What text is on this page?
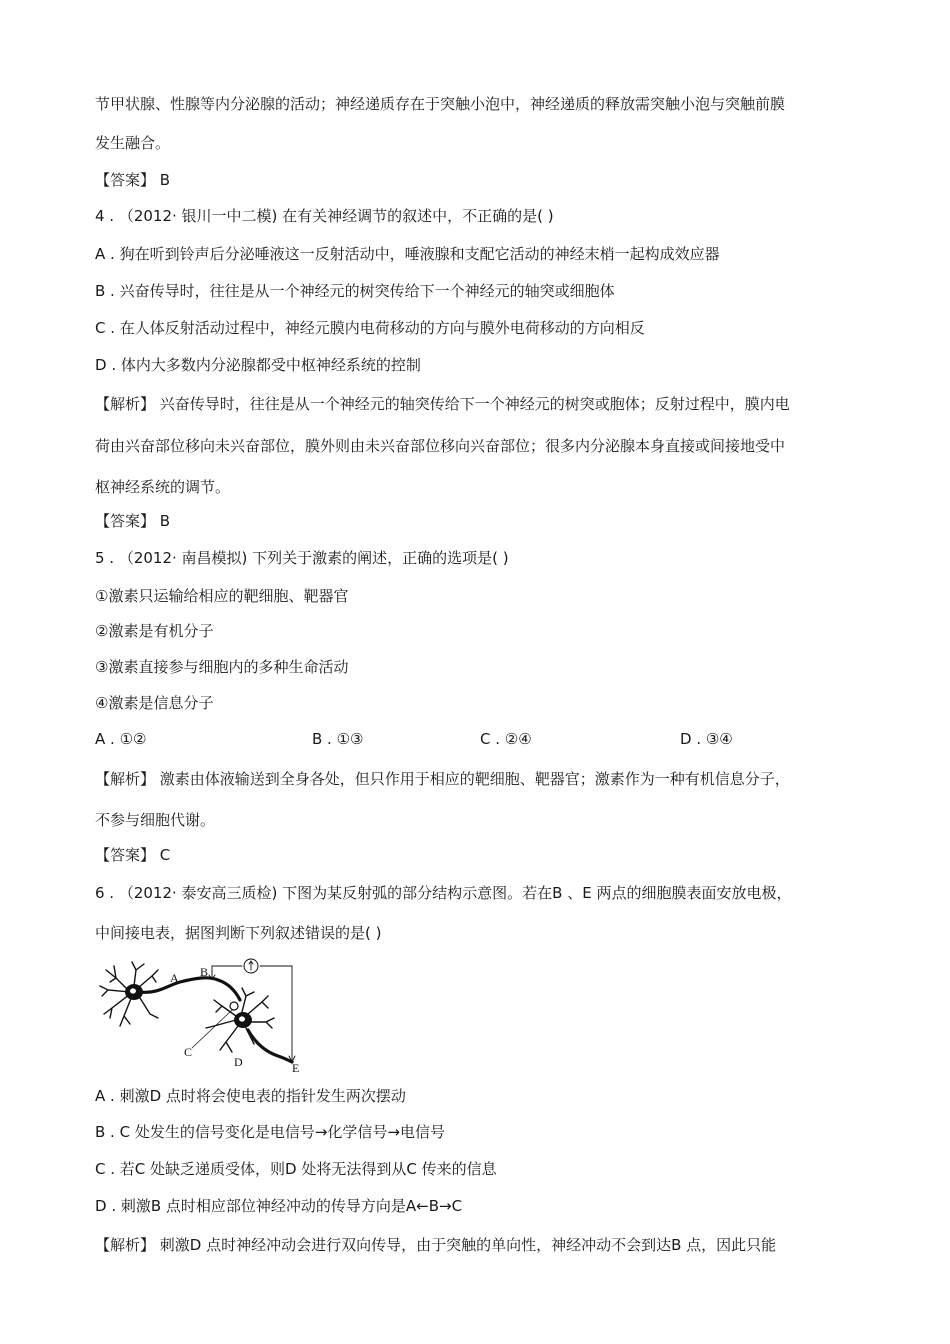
节甲状腺、性腺等内分泌腺的活动；神经递质存在于突触小泡中，神经递质的释放需突触小泡与突触前膜
发生融合。
【答案】 B
4 . （2012· 银川一中二模) 在有关神经调节的叙述中，不正确的是( )
A . 狗在听到铃声后分泌唾液这一反射活动中，唾液腺和支配它活动的神经末梢一起构成效应器
B . 兴奋传导时，往往是从一个神经元的树突传给下一个神经元的轴突或细胞体
C . 在人体反射活动过程中，神经元膜内电荷移动的方向与膜外电荷移动的方向相反
D . 体内大多数内分泌腺都受中枢神经系统的控制
【解析】 兴奋传导时，往往是从一个神经元的轴突传给下一个神经元的树突或胞体；反射过程中，膜内电
荷由兴奋部位移向未兴奋部位，膜外则由未兴奋部位移向兴奋部位；很多内分泌腺本身直接或间接地受中
枢神经系统的调节。
【答案】 B
5 . （2012· 南昌模拟) 下列关于激素的阐述，正确的选项是( )
①激素只运输给相应的靶细胞、靶器官
②激素是有机分子
③激素直接参与细胞内的多种生命活动
④激素是信息分子
A . ①②	B . ①③	C . ②④	D . ③④
【解析】 激素由体液输送到全身各处，但只作用于相应的靶细胞、靶器官；激素作为一种有机信息分子，
不参与细胞代谢。
【答案】 C
6 . （2012· 泰安高三质检) 下图为某反射弧的部分结构示意图。若在B 、E 两点的细胞膜表面安放电极，
中间接电表，据图判断下列叙述错误的是( )
A B
C
D	E
A . 刺激D 点时将会使电表的指针发生两次摆动
B . C 处发生的信号变化是电信号→化学信号→电信号
C . 若C 处缺乏递质受体，则D 处将无法得到从C 传来的信息
D . 刺激B 点时相应部位神经冲动的传导方向是A←B→C
【解析】 刺激D 点时神经冲动会进行双向传导，由于突触的单向性，神经冲动不会到达B 点，因此只能
